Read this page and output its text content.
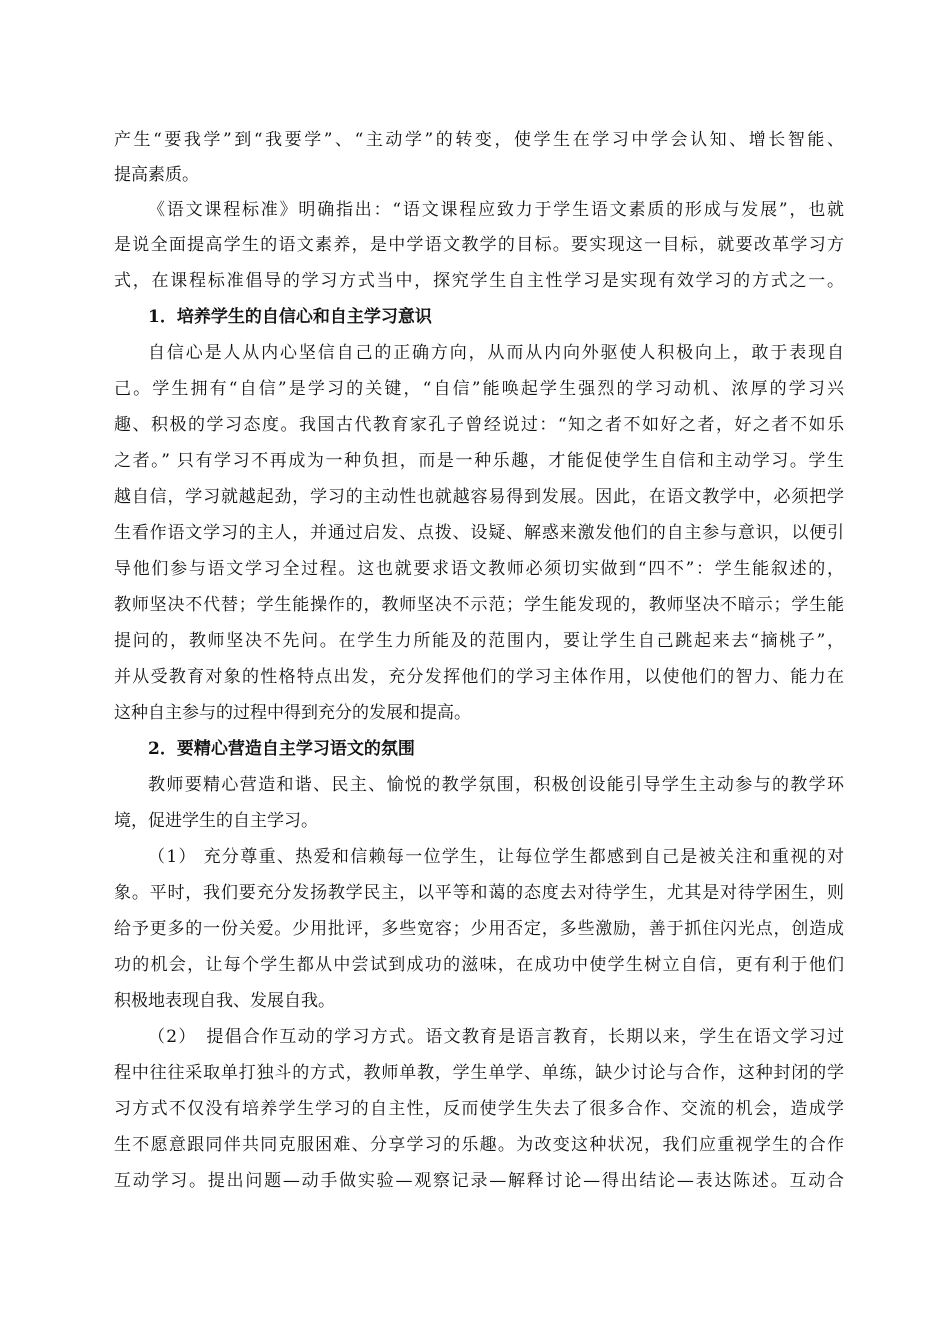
产生“要我学”到“我要学”、“主动学”的转变，使学生在学习中学会认知、增长智能、
提高素质。
《语文课程标准》明确指出：“语文课程应致力于学生语文素质的形成与发展”，也就
是说全面提高学生的语文素养，是中学语文教学的目标。要实现这一目标，就要改革学习方
式，在课程标准倡导的学习方式当中，探究学生自主性学习是实现有效学习的方式之一。
1．培养学生的自信心和自主学习意识
自信心是人从内心坚信自己的正确方向，从而从内向外驱使人积极向上，敢于表现自
己。学生拥有“自信”是学习的关键，“自信”能唤起学生强烈的学习动机、浓厚的学习兴
趣、积极的学习态度。我国古代教育家孔子曾经说过：“知之者不如好之者，好之者不如乐
之者。” 只有学习不再成为一种负担，而是一种乐趣，才能促使学生自信和主动学习。学生
越自信，学习就越起劲，学习的主动性也就越容易得到发展。因此，在语文教学中，必须把学
生看作语文学习的主人，并通过启发、点拨、设疑、解惑来激发他们的自主参与意识，以便引
导他们参与语文学习全过程。这也就要求语文教师必须切实做到“四不”：学生能叙述的，
教师坚决不代替；学生能操作的，教师坚决不示范；学生能发现的，教师坚决不暗示；学生能
提问的，教师坚决不先问。在学生力所能及的范围内，要让学生自己跳起来去“摘桃子”，
并从受教育对象的性格特点出发，充分发挥他们的学习主体作用，以使他们的智力、能力在
这种自主参与的过程中得到充分的发展和提高。
2．要精心营造自主学习语文的氛围
教师要精心营造和谐、民主、愉悦的教学氛围，积极创设能引导学生主动参与的教学环
境，促进学生的自主学习。
（1） 充分尊重、热爱和信赖每一位学生，让每位学生都感到自己是被关注和重视的对
象。平时，我们要充分发扬教学民主，以平等和蔼的态度去对待学生，尤其是对待学困生，则
给予更多的一份关爱。少用批评，多些宽容；少用否定，多些激励，善于抓住闪光点，创造成
功的机会，让每个学生都从中尝试到成功的滋味，在成功中使学生树立自信，更有利于他们
积极地表现自我、发展自我。
（2）　提倡合作互动的学习方式。语文教育是语言教育，长期以来，学生在语文学习过
程中往往采取单打独斗的方式，教师单教，学生单学、单练，缺少讨论与合作，这种封闭的学
习方式不仅没有培养学生学习的自主性，反而使学生失去了很多合作、交流的机会，造成学
生不愿意跟同伴共同克服困难、分享学习的乐趣。为改变这种状况，我们应重视学生的合作
互动学习。提出问题—动手做实验—观察记录—解释讨论—得出结论—表达陈述。互动合
